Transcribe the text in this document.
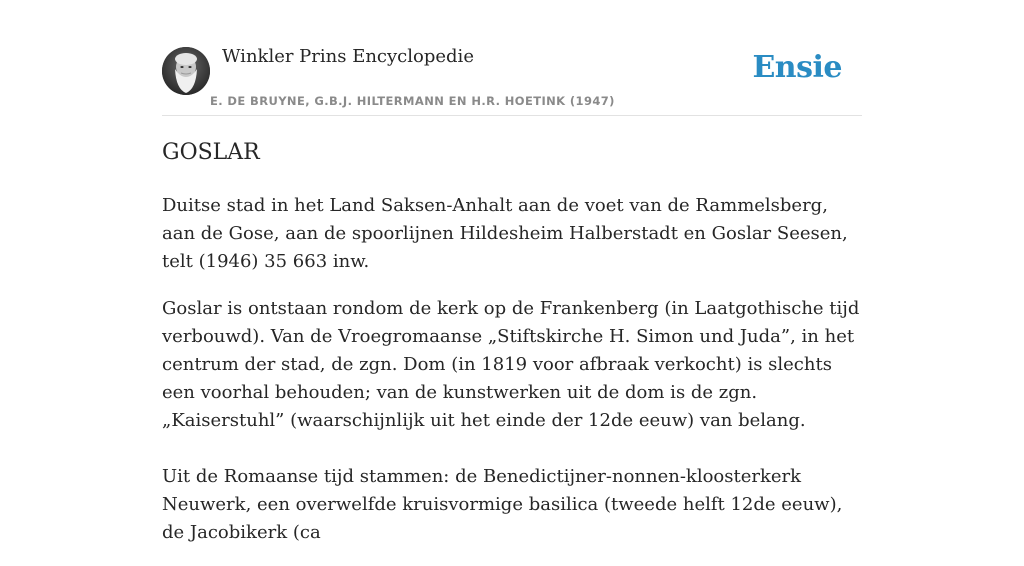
Winkler Prins Encyclopedie
E. DE BRUYNE, G.B.J. HILTERMANN EN H.R. HOETINK (1947)
Ensie
GOSLAR

Duitse stad in het Land Saksen-Anhalt aan de voet van de Rammelsberg, aan de Gose, aan de spoorlijnen Hildesheim Halberstadt en Goslar Seesen, telt (1946) 35 663 inw.

Goslar is ontstaan rondom de kerk op de Frankenberg (in Laatgothische tijd verbouwd). Van de Vroegromaanse „Stiftskirche H. Simon und Juda”, in het centrum der stad, de zgn. Dom (in 1819 voor afbraak verkocht) is slechts een voorhal behouden; van de kunstwerken uit de dom is de zgn. „Kaiserstuhl” (waarschijnlijk uit het einde der 12de eeuw) van belang.

Uit de Romaanse tijd stammen: de Benedictijner-nonnen-kloosterkerk Neuwerk, een overwelfde kruisvormige basilica (tweede helft 12de eeuw), de Jacobikerk (ca
